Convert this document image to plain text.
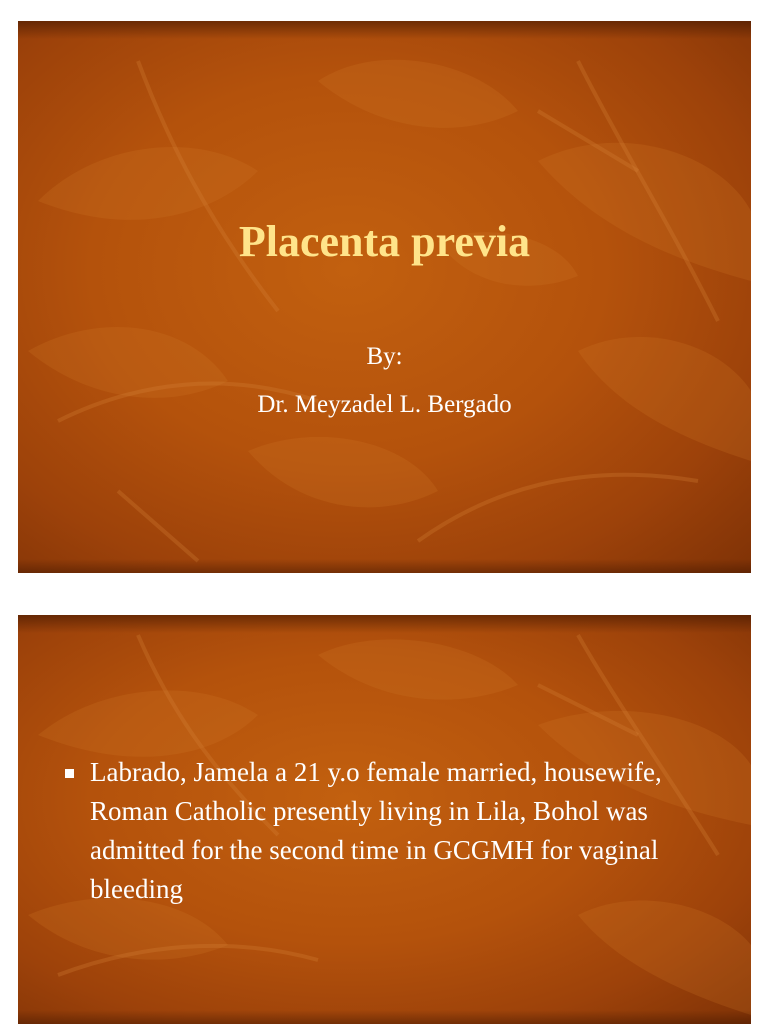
Placenta previa

By:

Dr. Meyzadel L. Bergado

Labrado, Jamela a 21 y.o female married, housewife, Roman Catholic presently living in Lila, Bohol was admitted for the second time in GCGMH for vaginal bleeding
